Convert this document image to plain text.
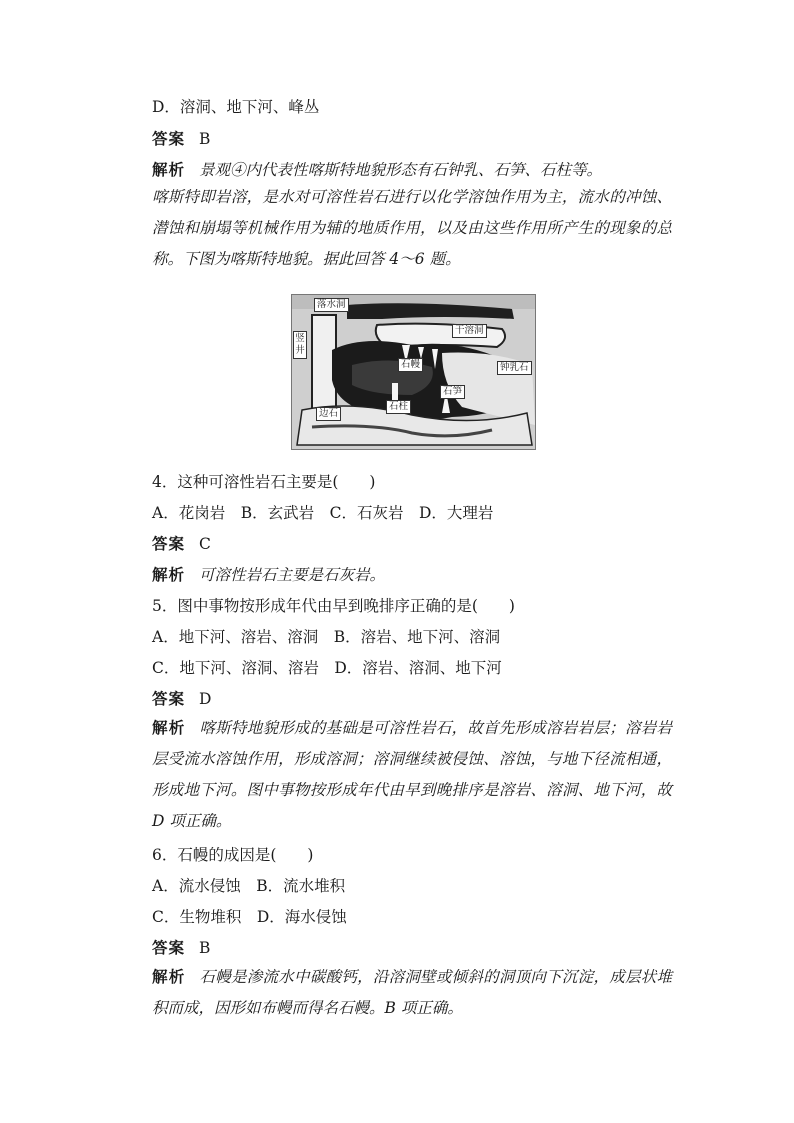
D．溶洞、地下河、峰丛
答案 B
解析 景观④内代表性喀斯特地貌形态有石钟乳、石笋、石柱等。
喀斯特即岩溶，是水对可溶性岩石进行以化学溶蚀作用为主，流水的冲蚀、潜蚀和崩塌等机械作用为辅的地质作用，以及由这些作用所产生的现象的总称。下图为喀斯特地貌。据此回答 4～6 题。
落水洞
竖井
干溶洞
石幔	钟乳石
石笋
石柱
边石
4．这种可溶性岩石主要是(　　)
A．花岗岩　B．玄武岩　C．石灰岩　D．大理岩
答案 C
解析 可溶性岩石主要是石灰岩。
5．图中事物按形成年代由早到晚排序正确的是(　　)
A．地下河、溶岩、溶洞　B．溶岩、地下河、溶洞
C．地下河、溶洞、溶岩　D．溶岩、溶洞、地下河
答案 D
解析 喀斯特地貌形成的基础是可溶性岩石，故首先形成溶岩岩层；溶岩岩层受流水溶蚀作用，形成溶洞；溶洞继续被侵蚀、溶蚀，与地下径流相通，形成地下河。图中事物按形成年代由早到晚排序是溶岩、溶洞、地下河，故 D 项正确。
6．石幔的成因是(　　)
A．流水侵蚀　B．流水堆积
C．生物堆积　D．海水侵蚀
答案 B
解析 石幔是渗流水中碳酸钙，沿溶洞壁或倾斜的洞顶向下沉淀，成层状堆积而成，因形如布幔而得名石幔。B 项正确。
